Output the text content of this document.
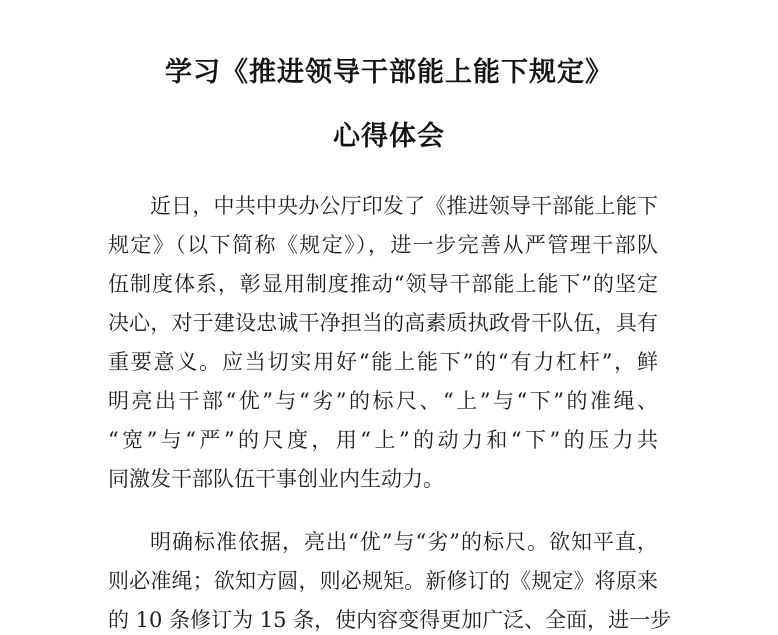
学习《推进领导干部能上能下规定》
心得体会
近日，中共中央办公厅印发了《推进领导干部能上能下
规定》（以下简称《规定》），进一步完善从严管理干部队
伍制度体系，彰显用制度推动“领导干部能上能下”的坚定
决心，对于建设忠诚干净担当的高素质执政骨干队伍，具有
重要意义。应当切实用好“能上能下”的“有力杠杆”，鲜
明亮出干部“优”与“劣”的标尺、“上”与“下”的准绳、
“宽”与“严”的尺度，用“上”的动力和“下”的压力共
同激发干部队伍干事创业内生动力。
明确标准依据，亮出“优”与“劣”的标尺。欲知平直，
则必准绳；欲知方圆，则必规矩。新修订的《规定》将原来
的 10 条修订为 15 条，使内容变得更加广泛、全面，进一步
